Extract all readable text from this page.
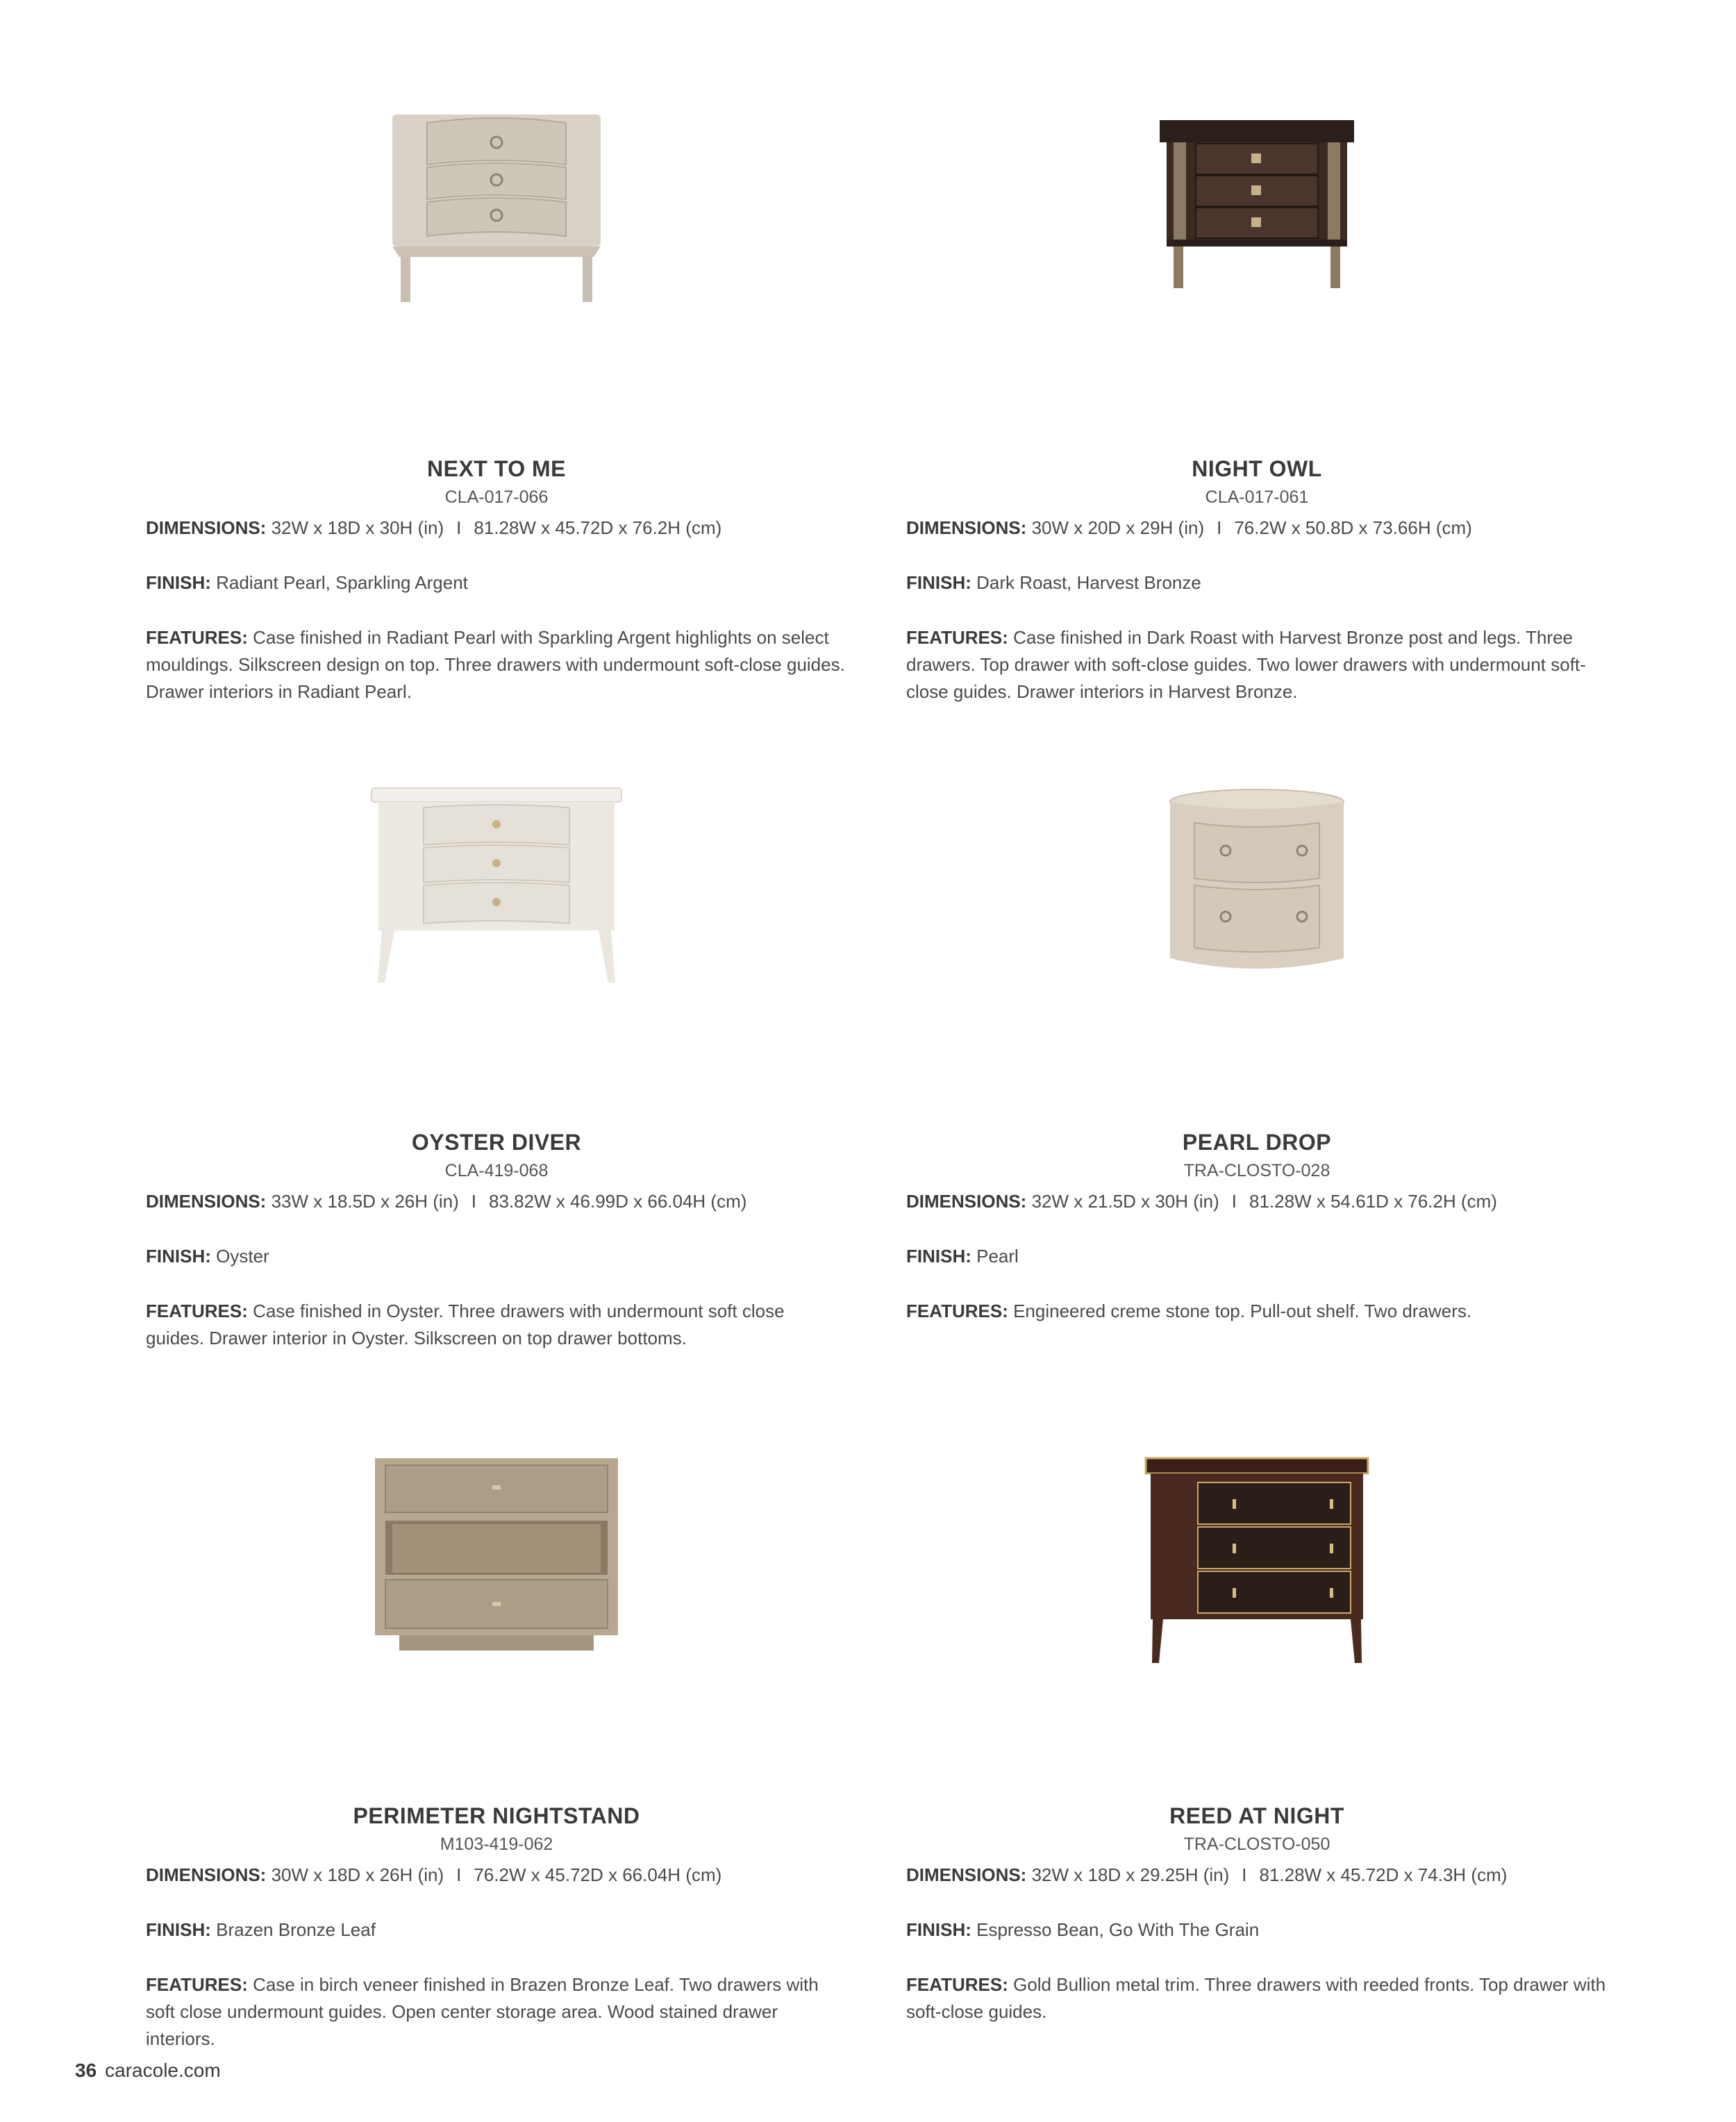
NEXT TO ME
CLA-017-066
DIMENSIONS: 32W x 18D x 30H (in) I 81.28W x 45.72D x 76.2H (cm)
FINISH: Radiant Pearl, Sparkling Argent
FEATURES: Case finished in Radiant Pearl with Sparkling Argent highlights on select mouldings. Silkscreen design on top. Three drawers with undermount soft-close guides. Drawer interiors in Radiant Pearl.
NIGHT OWL
CLA-017-061
DIMENSIONS: 30W x 20D x 29H (in) I 76.2W x 50.8D x 73.66H (cm)
FINISH: Dark Roast, Harvest Bronze
FEATURES: Case finished in Dark Roast with Harvest Bronze post and legs. Three drawers. Top drawer with soft-close guides. Two lower drawers with undermount soft-close guides. Drawer interiors in Harvest Bronze.
OYSTER DIVER
CLA-419-068
DIMENSIONS: 33W x 18.5D x 26H (in) I 83.82W x 46.99D x 66.04H (cm)
FINISH: Oyster
FEATURES: Case finished in Oyster. Three drawers with undermount soft close guides. Drawer interior in Oyster. Silkscreen on top drawer bottoms.
PEARL DROP
TRA-CLOSTO-028
DIMENSIONS: 32W x 21.5D x 30H (in) I 81.28W x 54.61D x 76.2H (cm)
FINISH: Pearl
FEATURES: Engineered creme stone top. Pull-out shelf. Two drawers.
PERIMETER NIGHTSTAND
M103-419-062
DIMENSIONS: 30W x 18D x 26H (in) I 76.2W x 45.72D x 66.04H (cm)
FINISH: Brazen Bronze Leaf
FEATURES: Case in birch veneer finished in Brazen Bronze Leaf. Two drawers with soft close undermount guides. Open center storage area. Wood stained drawer interiors.
REED AT NIGHT
TRA-CLOSTO-050
DIMENSIONS: 32W x 18D x 29.25H (in) I 81.28W x 45.72D x 74.3H (cm)
FINISH: Espresso Bean, Go With The Grain
FEATURES: Gold Bullion metal trim. Three drawers with reeded fronts. Top drawer with soft-close guides.
36 caracole.com
